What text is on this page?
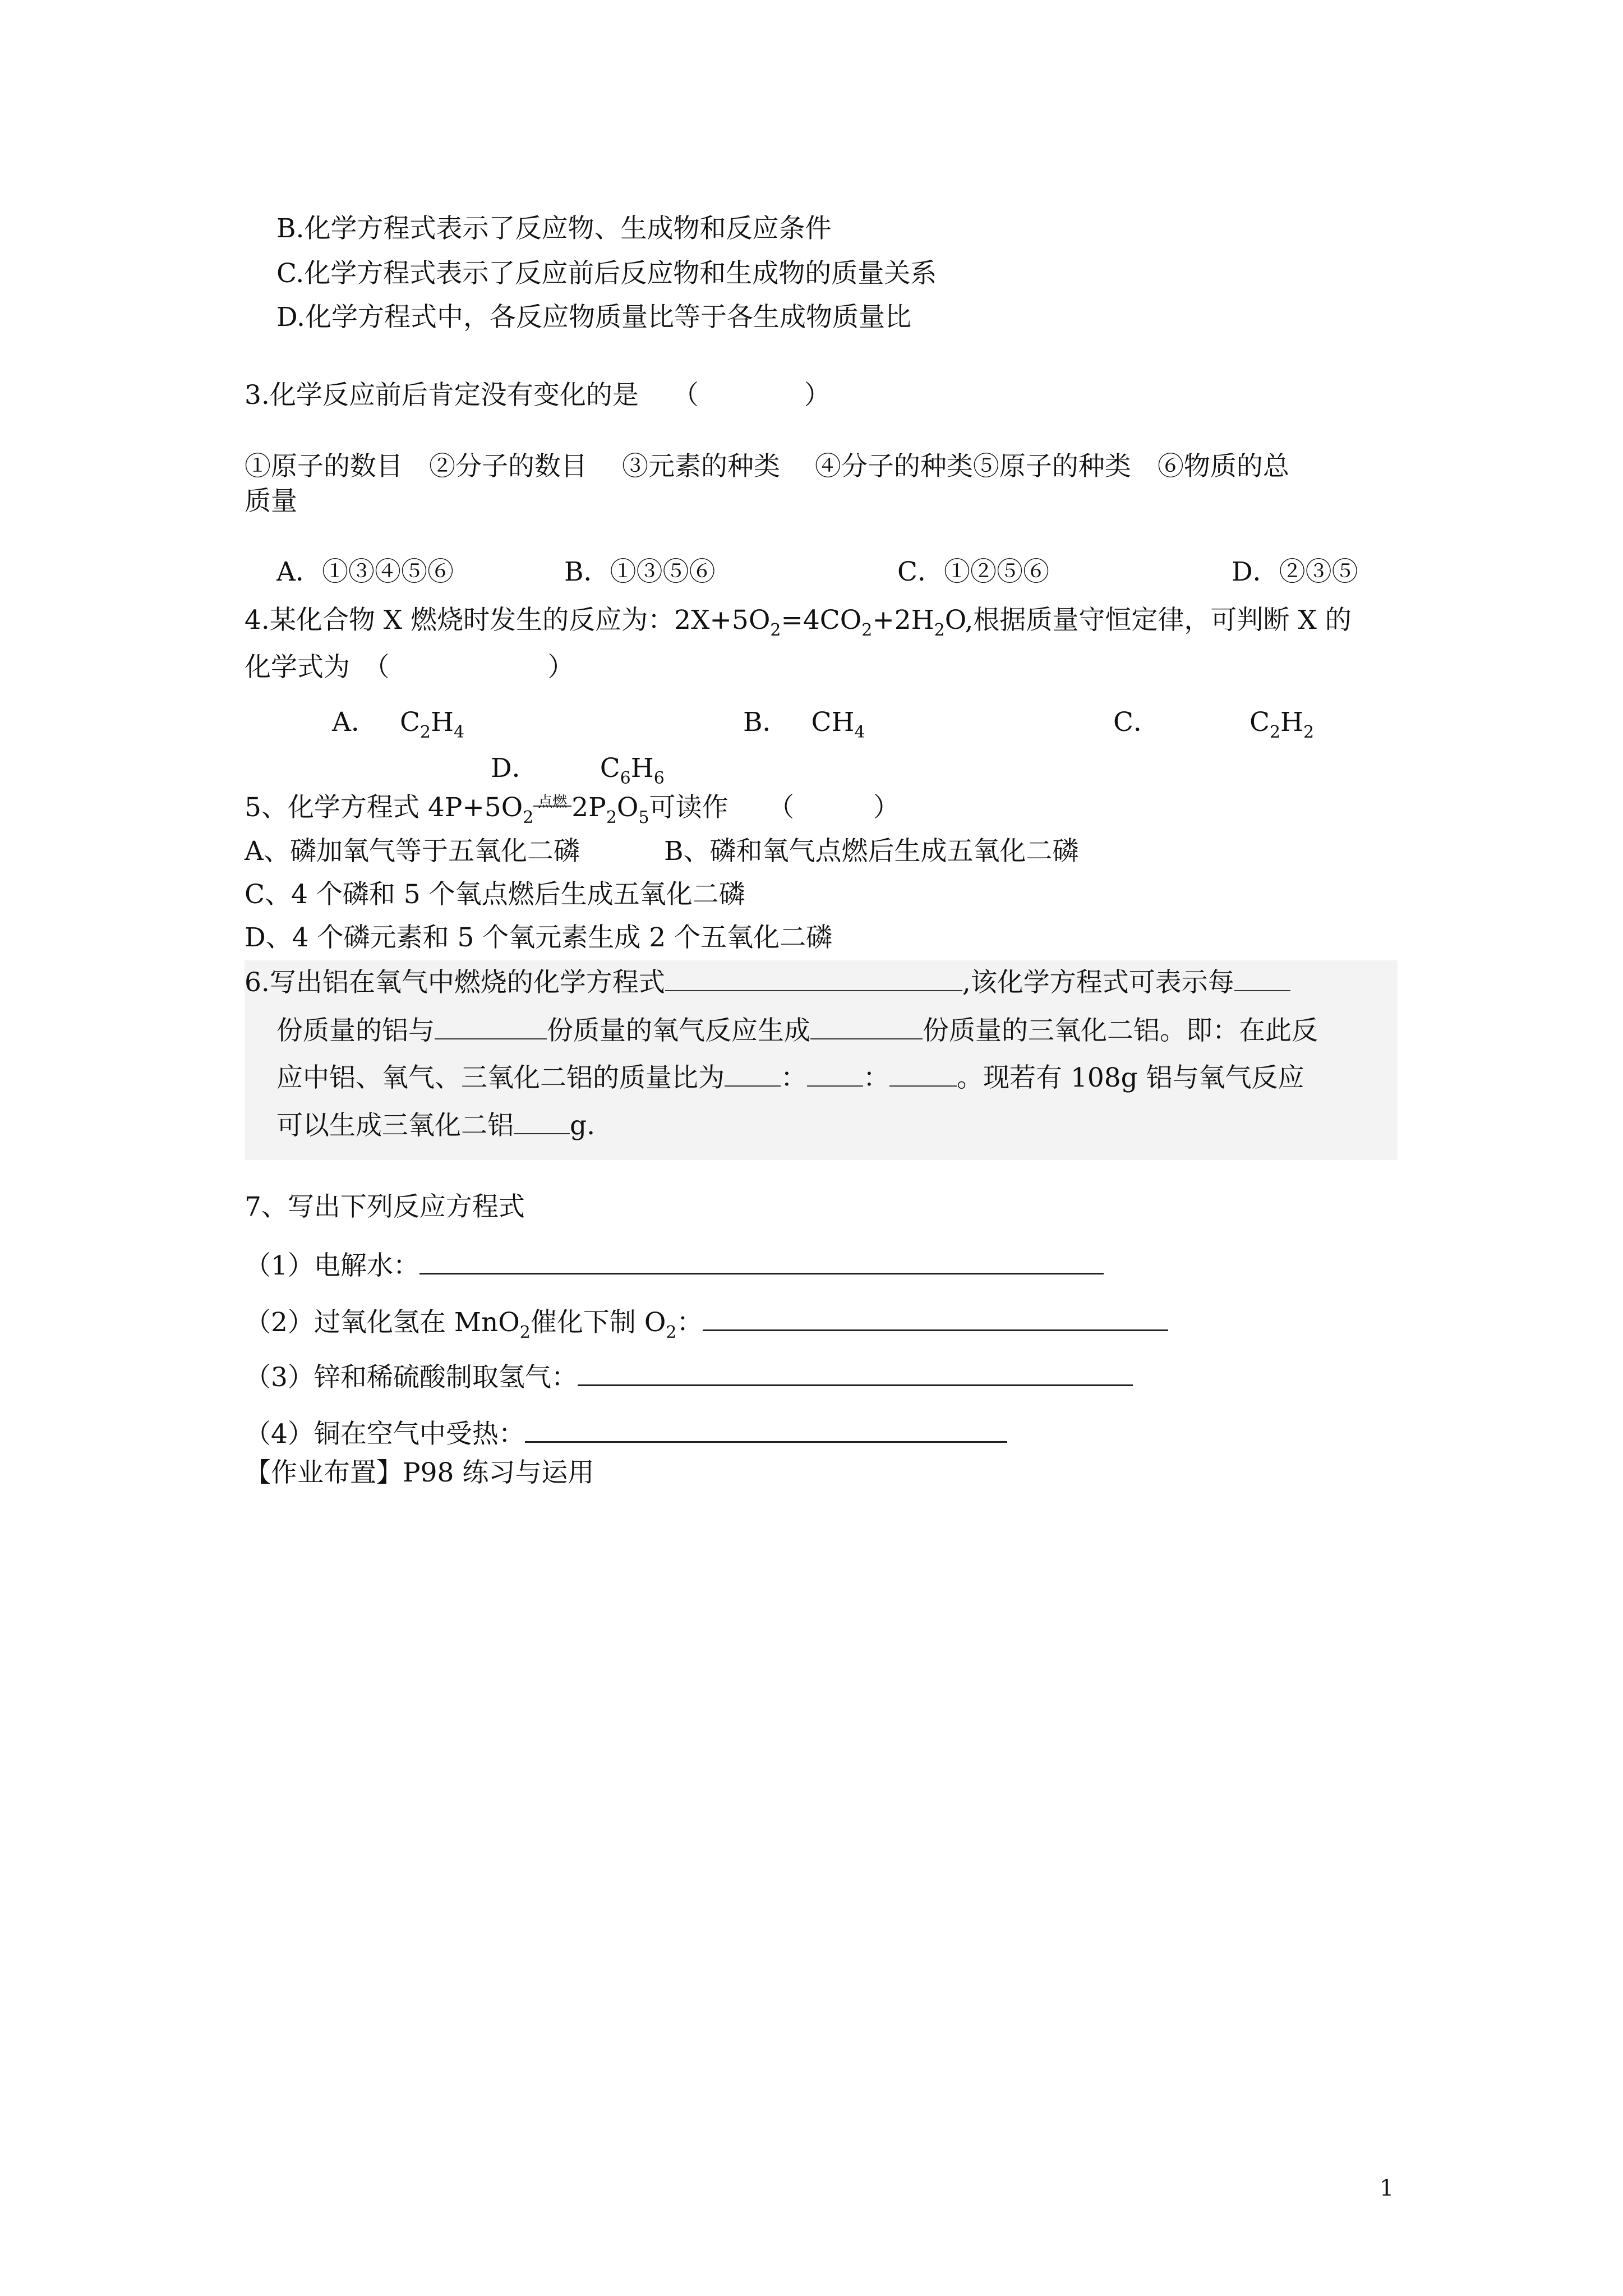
B.化学方程式表示了反应物、生成物和反应条件
C.化学方程式表示了反应前后反应物和生成物的质量关系
D.化学方程式中，各反应物质量比等于各生成物质量比
3.化学反应前后肯定没有变化的是 （　　　　）
①原子的数目　②分子的数目　 ③元素的种类　 ④分子的种类⑤原子的种类　⑥物质的总
质量
A．①③④⑤⑥	B．①③⑤⑥	C．①②⑤⑥	D．②③⑤
4.某化合物 X 燃烧时发生的反应为：$2X+5O_2=4CO_2+2H_2O$,根据质量守恒定律，可判断 X 的
化学式为　（　　　　　　）
A． $C_2H_4$	B． $CH_4$	C．	$C_2H_2$
D． $C_6H_6$
5、化学方程式 $4P+5O_2$
点燃 $2P_2O_5$可读作　　（　　　）
A、磷加氧气等于五氧化二磷	B、磷和氧气点燃后生成五氧化二磷
C、4 个磷和 5 个氧点燃后生成五氧化二磷
D、4 个磷元素和 5 个氧元素生成 2 个五氧化二磷
6.写出铝在氧气中燃烧的化学方程式	,该化学方程式可表示每
份质量的铝与	份质量的氧气反应生成	份质量的三氧化二铝。即：在此反
应中铝、氧气、三氧化二铝的质量比为 ： ：	。现若有 108g 铝与氧气反应
可以生成三氧化二铝 g.
7、写出下列反应方程式
（1）电解水：
（2）过氧化氢在 MnO$_2$催化下制 $O_2$：
（3）锌和稀硫酸制取氢气：
（4）铜在空气中受热：
【作业布置】P98 练习与运用
1
